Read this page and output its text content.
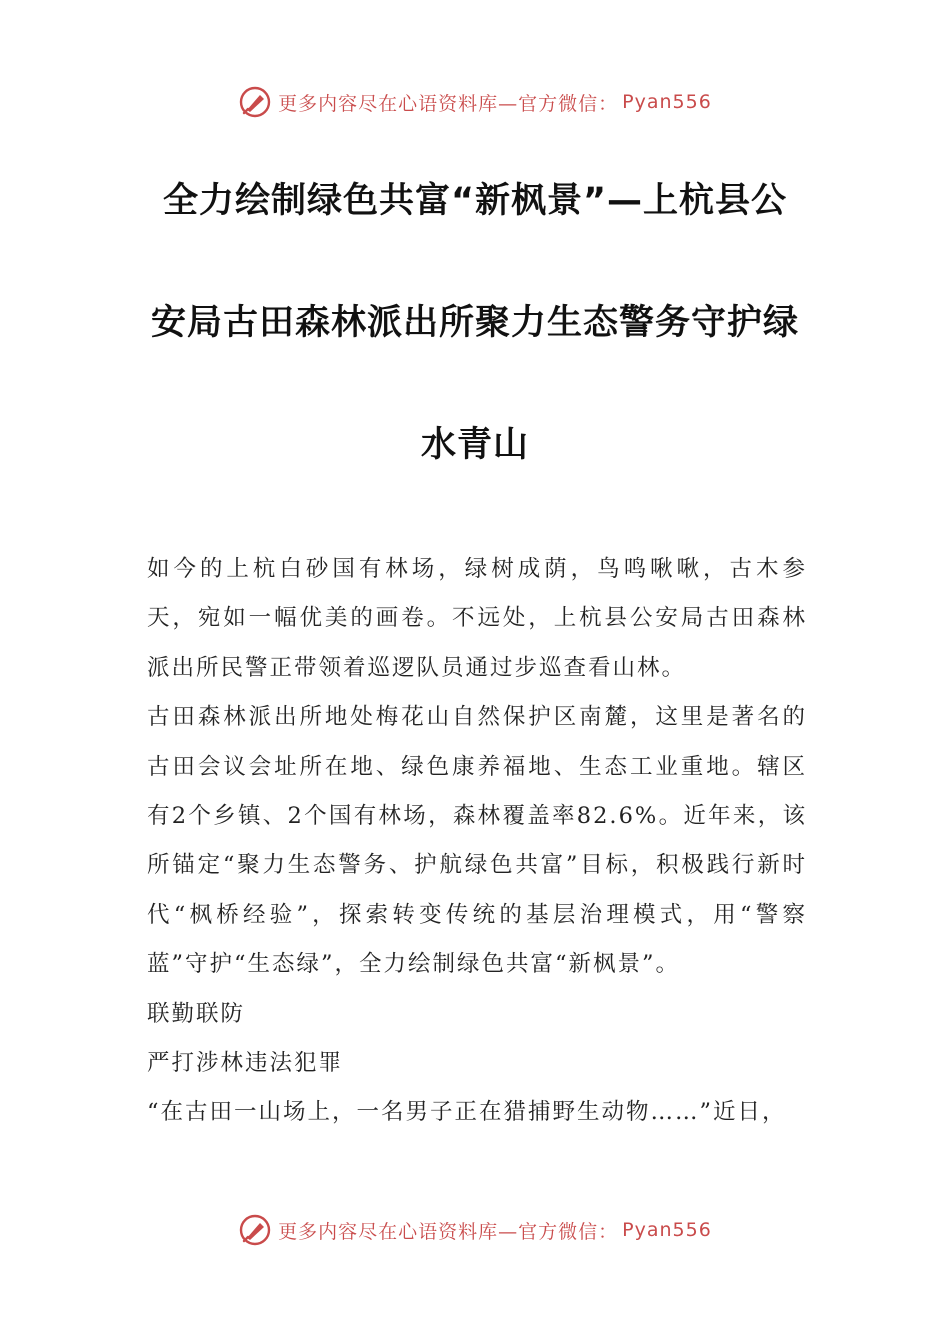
更多内容尽在心语资料库—官方微信： Pyan556
全力绘制绿色共富“新枫景”—上杭县公
安局古田森林派出所聚力生态警务守护绿
水青山
如今的上杭白砂国有林场，绿树成荫，鸟鸣啾啾，古木参天，宛如一幅优美的画卷。不远处，上杭县公安局古田森林派出所民警正带领着巡逻队员通过步巡查看山林。
古田森林派出所地处梅花山自然保护区南麓，这里是著名的古田会议会址所在地、绿色康养福地、生态工业重地。辖区有2个乡镇、2个国有林场，森林覆盖率82.6%。近年来，该所锚定“聚力生态警务、护航绿色共富”目标，积极践行新时代“枫桥经验”，探索转变传统的基层治理模式，用“警察蓝”守护“生态绿”，全力绘制绿色共富“新枫景”。
联勤联防
严打涉林违法犯罪
“在古田一山场上，一名男子正在猎捕野生动物……”近日，
更多内容尽在心语资料库—官方微信： Pyan556
